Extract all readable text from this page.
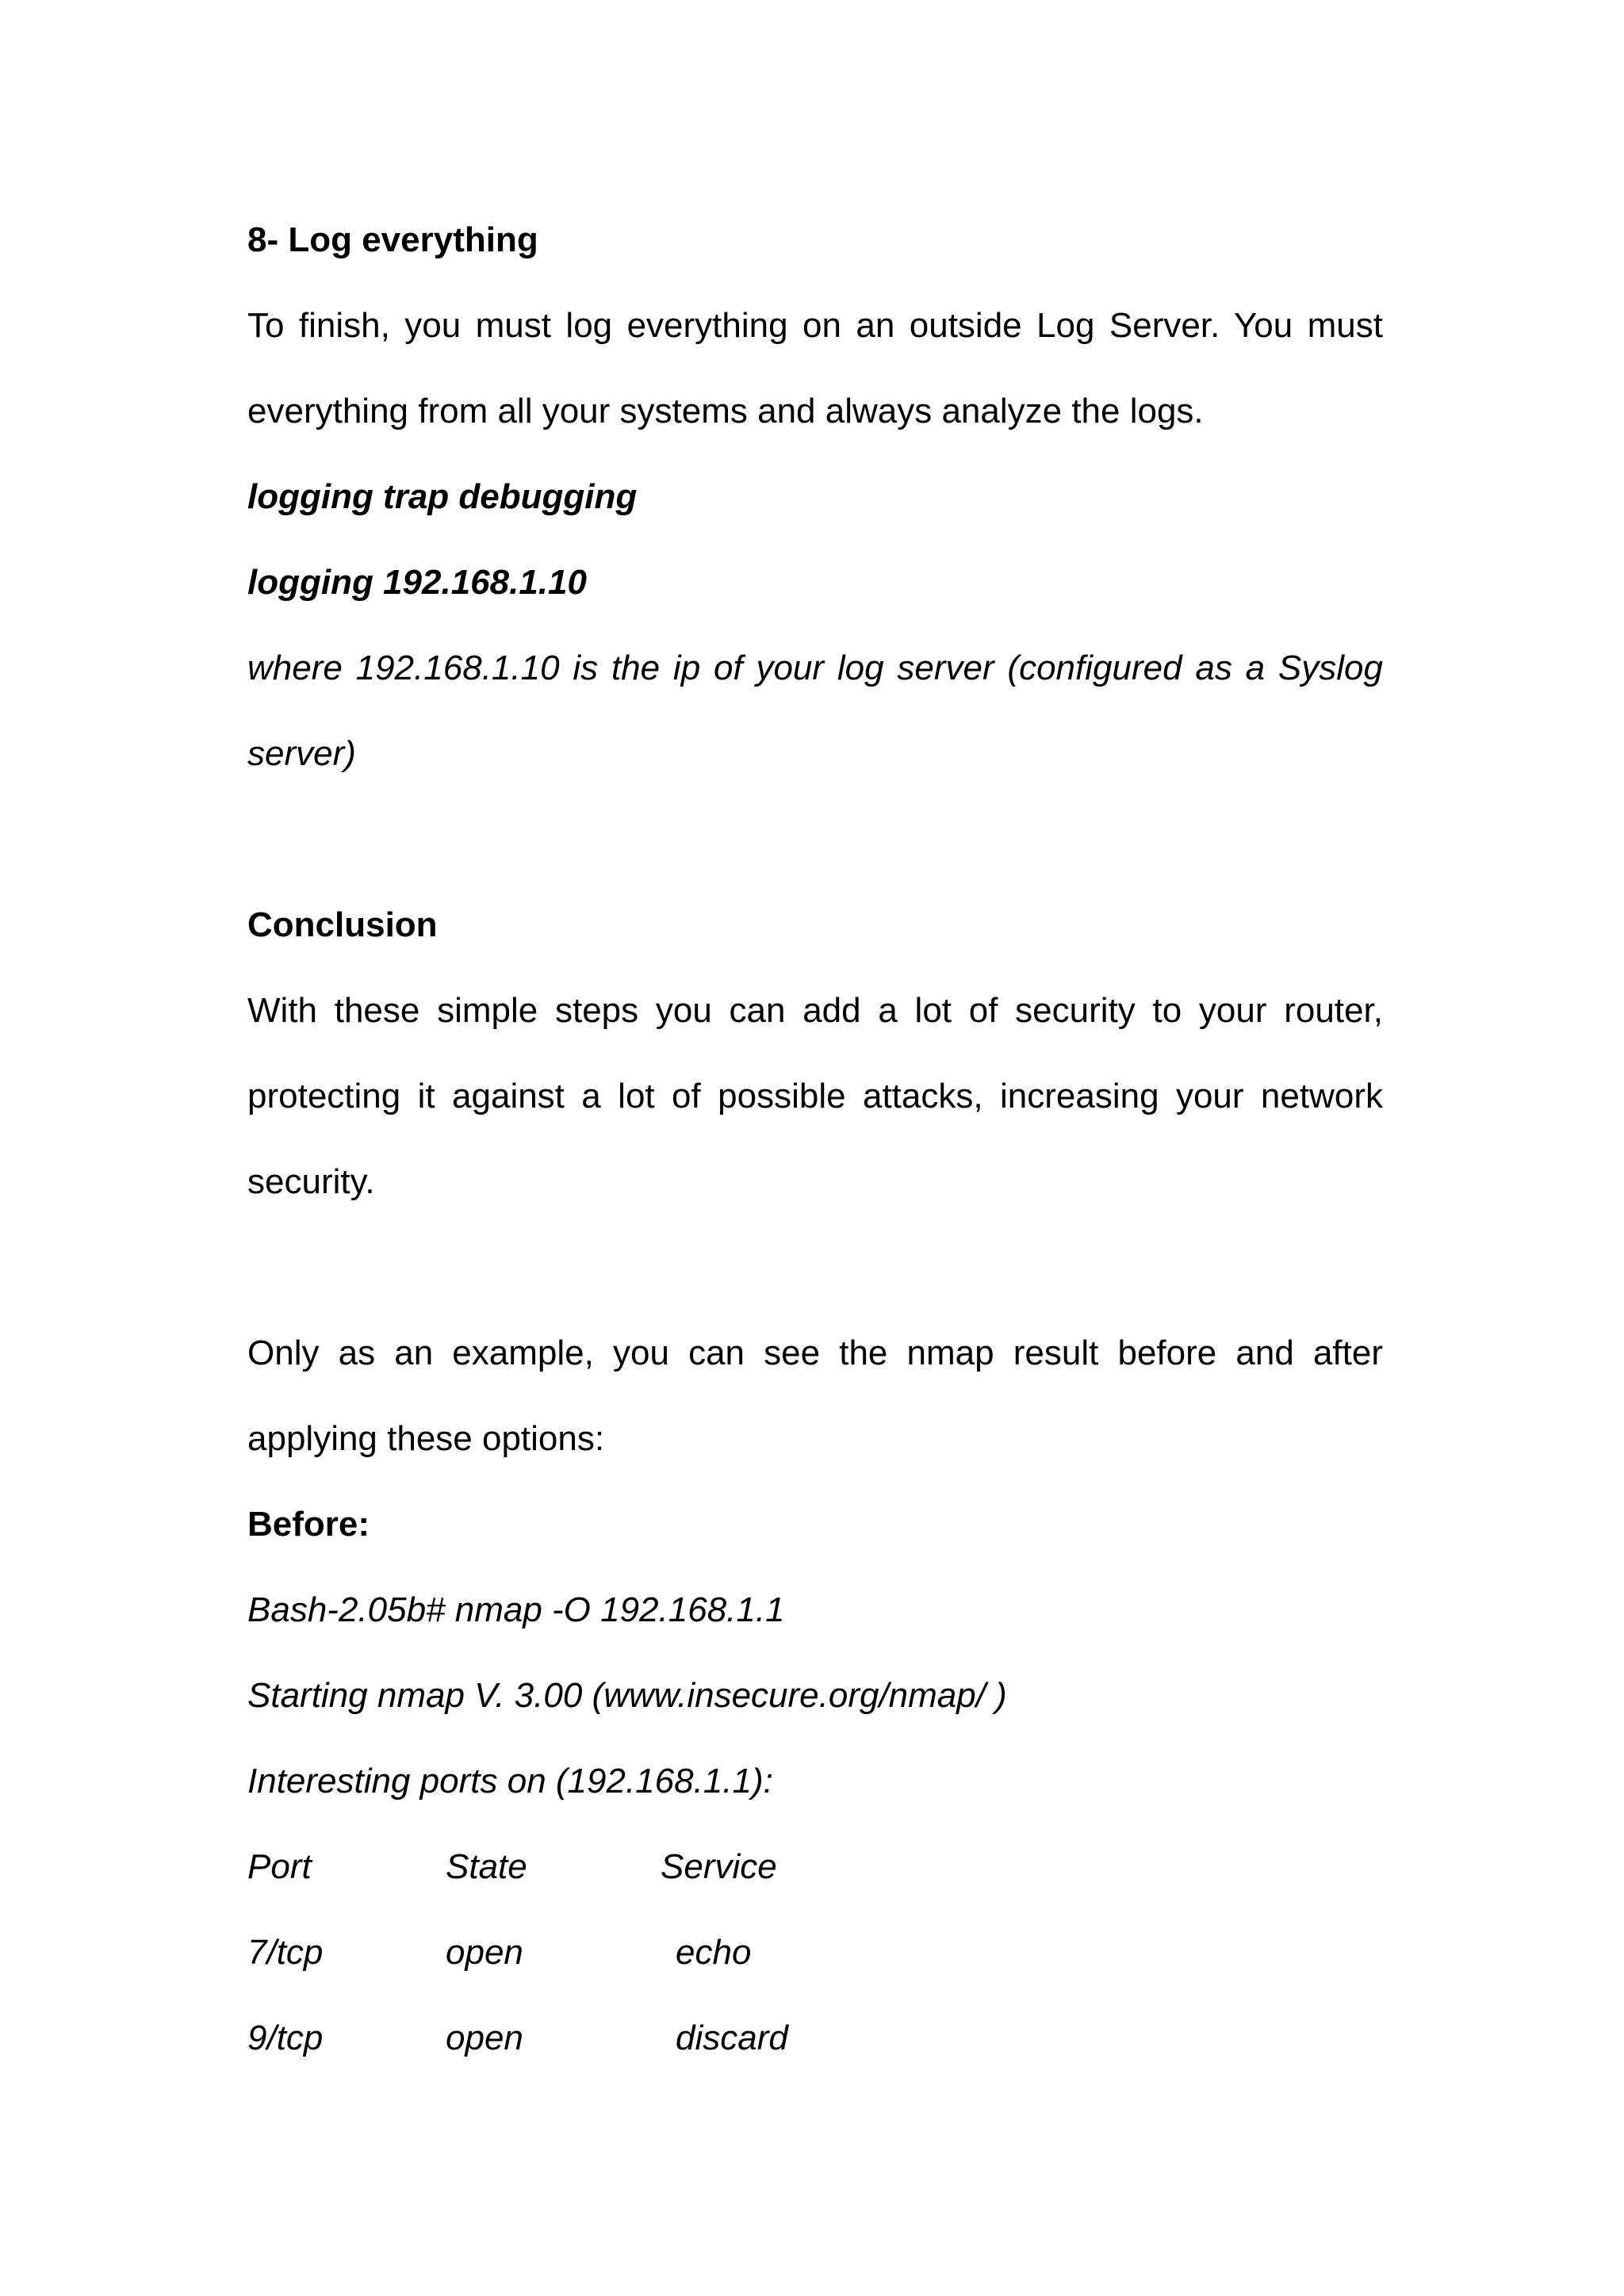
8- Log everything
To finish, you must log everything on an outside Log Server. You must
everything from all your systems and always analyze the logs.
logging trap debugging
logging 192.168.1.10
where 192.168.1.10 is the ip of your log server (configured as a Syslog
server)
Conclusion
With these simple steps you can add a lot of security to your router,
protecting it against a lot of possible attacks, increasing your network
security.
Only as an example, you can see the nmap result before and after
applying these options:
Before:
Bash-2.05b# nmap -O 192.168.1.1
Starting nmap V. 3.00 (www.insecure.org/nmap/ )
Interesting ports on (192.168.1.1):
Port	State	Service
7/tcp	open	echo
9/tcp	open	discard
